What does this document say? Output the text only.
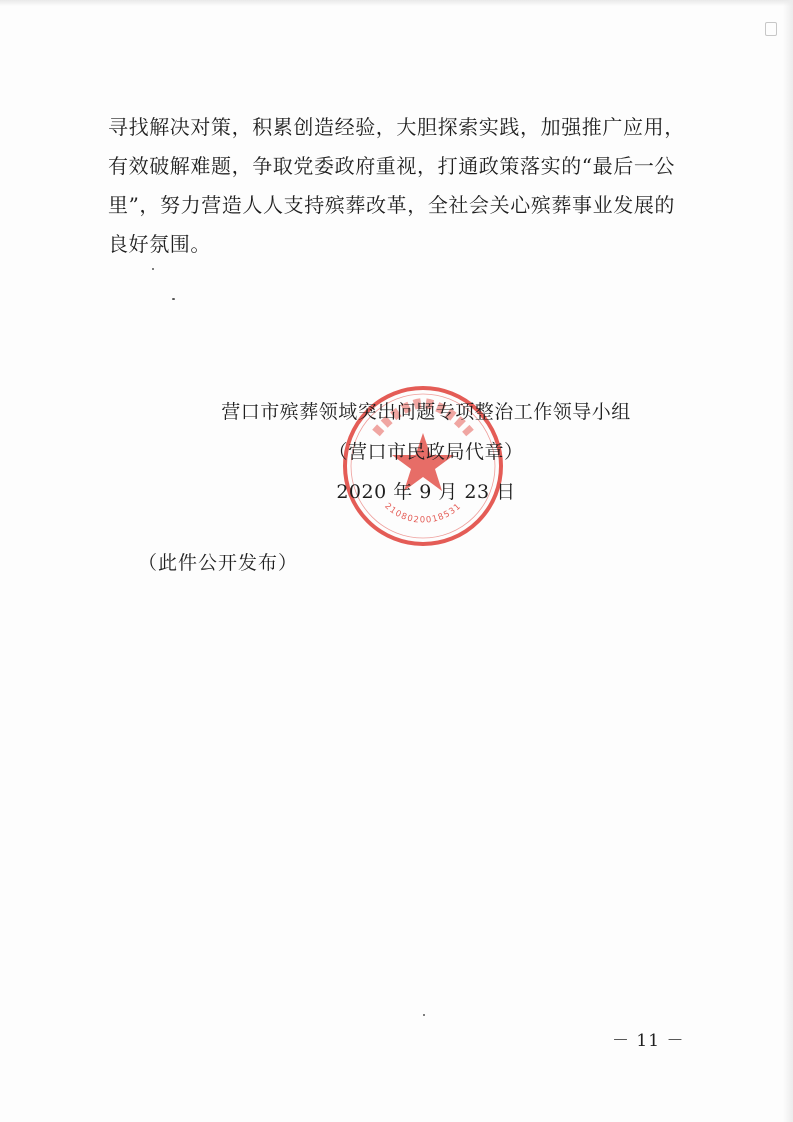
寻找解决对策，积累创造经验，大胆探索实践，加强推广应用，
有效破解难题，争取党委政府重视，打通政策落实的“最后一公
里”，努力营造人人支持殡葬改革，全社会关心殡葬事业发展的
良好氛围。
2108020018531
营口市殡葬领域突出问题专项整治工作领导小组
（营口市民政局代章）
2020 年 9 月 23 日
（此件公开发布）
－ 11 －
